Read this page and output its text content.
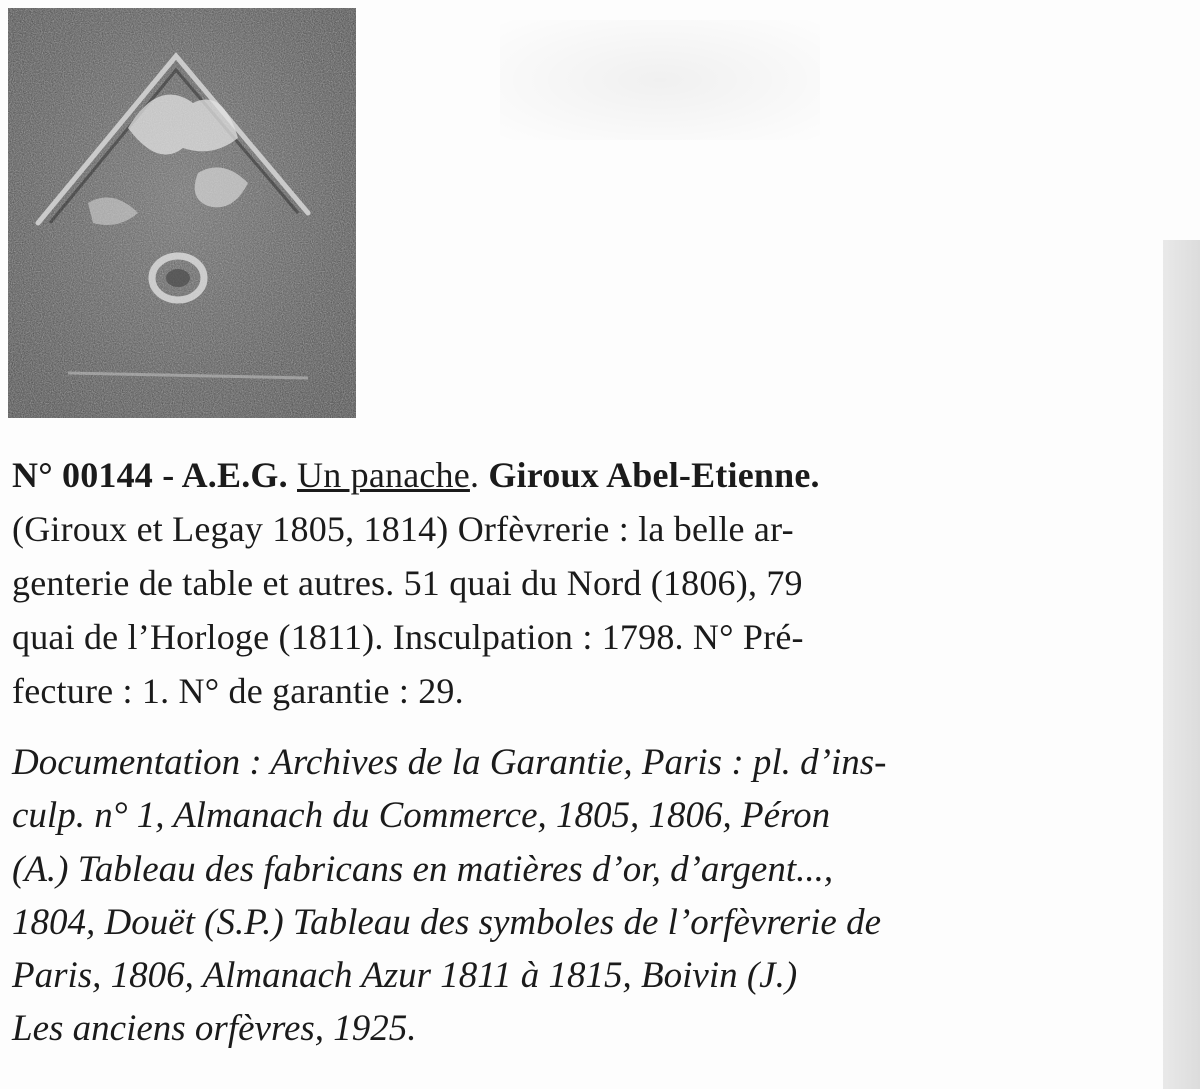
N° 00144 - A.E.G. Un panache. Giroux Abel-Etienne.
(Giroux et Legay 1805, 1814) Orfèvrerie : la belle ar-
genterie de table et autres. 51 quai du Nord (1806), 79
quai de l’Horloge (1811). Insculpation : 1798. N° Pré-
fecture : 1. N° de garantie : 29.

Documentation : Archives de la Garantie, Paris : pl. d’ins-
culp. n° 1, Almanach du Commerce, 1805, 1806, Péron
(A.) Tableau des fabricans en matières d’or, d’argent...,
1804, Douët (S.P.) Tableau des symboles de l’orfèvrerie de
Paris, 1806, Almanach Azur 1811 à 1815, Boivin (J.)
Les anciens orfèvres, 1925.
